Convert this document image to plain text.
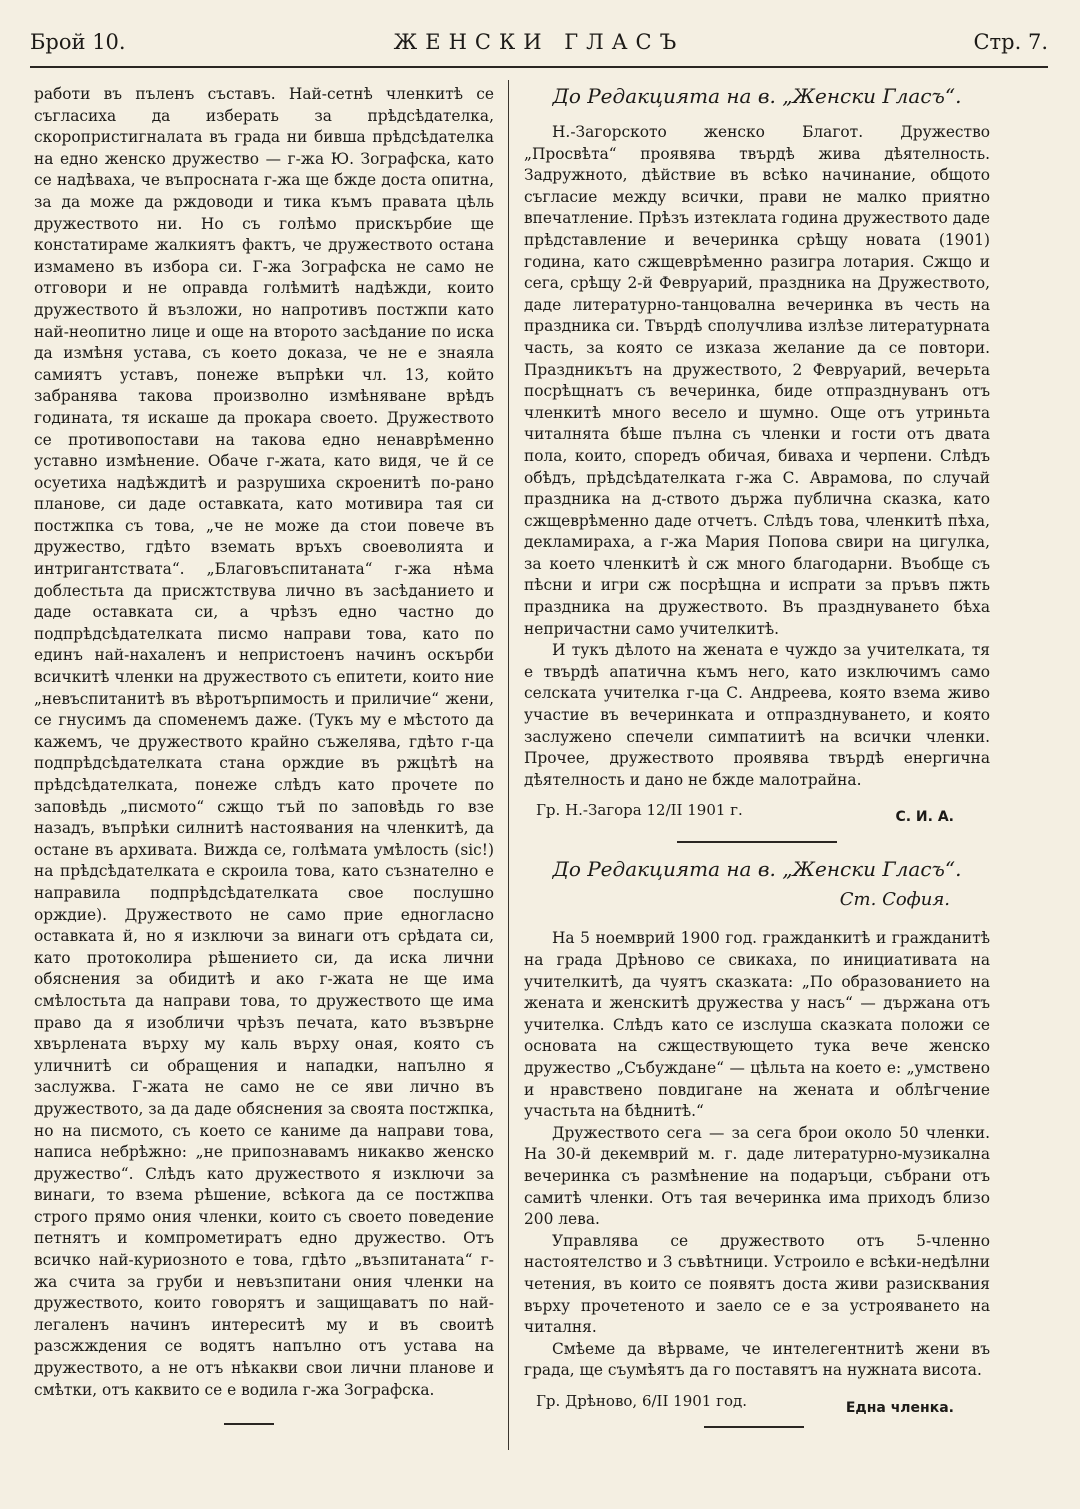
Брой 10.	ЖЕНСКИ ГЛАСЪ	Стр. 7.

работи въ пъленъ съставъ. Най-сетнѣ членкитѣ се съгласиха да изберать за прѣдсѣдателка, скоропристигналата въ града ни бивша прѣдсѣдателка на едно женско дружество — г-жа Ю. Зографска, като се надѣваха, че въпросната г-жа ще бжде доста опитна, за да може да рждоводи и тика къмъ правата цѣль дружеството ни. Но съ голѣмо прискърбие ще констатираме жалкиятъ фактъ, че дружеството остана измамено въ избора си. Г-жа Зографска не само не отговори и не оправда голѣмитѣ надѣжди, които дружеството й възложи, но напротивъ постжпи като най-неопитно лице и още на второто засѣдание по иска да измѣня устава, съ което доказа, че не е знаяла самиятъ уставъ, понеже въпрѣки чл. 13, който забранява такова произволно измѣняване врѣдъ годината, тя искаше да прокара своето. Дружеството се противопостави на такова едно ненаврѣменно уставно измѣнение. Обаче г-жата, като видя, че й се осуетиха надѣждитѣ и разрушиха скроенитѣ по-рано плановe, си даде оставката, като мотивира тая си постжпка съ това, „че не може да стои повече въ дружество, гдѣто вземать връхъ своеволията и интригантствата“. „Благовъспитаната“ г-жа нѣма доблестьта да присжтствува лично въ засѣданието и даде оставката си, а чрѣзъ едно частно до подпрѣдсѣдателката писмо направи това, като по единъ най-нахаленъ и непристоенъ начинъ оскърби всичкитѣ членки на дружеството съ епитети, които ние „невъспитанитѣ въ вѣротърпимость и приличие“ жени, се гнусимъ да споменемъ даже. (Тукъ му е мѣстото да кажемъ, че дружеството крайно съжелява, гдѣто г-ца подпрѣдсѣдателката стана орждие въ ржцѣтѣ на прѣдсѣдателката, понеже слѣдъ като прочете по заповѣдь „писмото“ сжщо тъй по заповѣдь го взе назадъ, въпрѣки силнитѣ настоявания на членкитѣ, да остане въ архивата. Вижда се, голѣмата умѣлость (sic!) на прѣдсѣдателката е скроила това, като съзнателно е направила подпрѣдсѣдателката свое послушно орждие). Дружеството не само прие едногласно оставката й, но я изключи за винаги отъ срѣдата си, като протоколира рѣшението си, да иска лични обяснения за обидитѣ и ако г-жата не ще има смѣлостьта да направи това, то дружеството ще има право да я изобличи чрѣзъ печата, като възвърне хвърлената върху му каль върху оная, която съ уличнитѣ си обращения и нападки, напълно я заслужва. Г-жата не само не се яви лично въ дружеството, за да даде обяснения за своята постжпка, но на писмото, съ което се каниме да направи това, написа небрѣжно: „не припознавамъ никакво женско дружество“. Слѣдъ като дружеството я изключи за винаги, то взема рѣшение, всѣкога да се постжпва строго прямо ония членки, които съ своето поведение петнятъ и компрометиратъ едно дружество. Отъ всичко най-куриозното е това, гдѣто „възпитаната“ г-жа счита за груби и невъзпитани ония членки на дружеството, които говорятъ и защищаватъ по най-легаленъ начинъ интереситѣ му и въ своитѣ разсжждения се водятъ напълно отъ устава на дружеството, а не отъ нѣкакви свои лични планове и смѣтки, отъ каквито се е водила г-жа Зографска.

До Редакцията на в. „Женски Гласъ“.

Н.-Загорското женско Благот. Дружество „Просвѣта“ проявява твърдѣ жива дѣятелность. Задружното, дѣйствие въ всѣко начинание, общото съгласие между всички, прави не малко приятно впечатление. Прѣзъ изтеклата година дружеството даде прѣдставление и вечеринка срѣщу новата (1901) година, като сжщеврѣменно разигра лотария. Сжщо и сега, срѣщу 2-й Февруарий, праздника на Дружеството, даде литературно-танцовална вечеринка въ честь на праздника си. Твърдѣ сполучлива излѣзе литературната часть, за която се изказа желание да се повтори. Праздникътъ на дружеството, 2 Февруарий, вечерьта посрѣщнатъ съ вечеринка, биде отпразднуванъ отъ членкитѣ много весело и шумно. Още отъ утриньта читалнята бѣше пълна съ членки и гости отъ двата пола, които, споредъ обичая, биваха и черпени. Слѣдъ обѣдъ, прѣдсѣдателката г-жа С. Аврамова, по случай праздника на д-ството държа публична сказка, като сжщеврѣменно даде отчетъ. Слѣдъ това, членкитѣ пѣха, декламираха, а г-жа Мария Попова свири на цигулка, за което членкитѣ ѝ сж много благодарни. Въобще съ пѣсни и игри сж посрѣщна и испрати за пръвъ пжть праздника на дружеството. Въ празднуването бѣха непричастни само учителкитѣ.

И тукъ дѣлото на жената е чуждо за учителката, тя е твърдѣ апатична къмъ него, като изключимъ само селската учителка г-ца С. Андреева, която взема живо участие въ вечеринката и отпразднуването, и която заслужено спечели симпатиитѣ на всички членки. Прочее, дружеството проявява твърдѣ енергична дѣятелность и дано не бжде малотрайна.

Гр. Н.-Загора 12/II 1901 г.	С. И. А.

До Редакцията на в. „Женски Гласъ“.

Ст. София.

На 5 ноемврий 1900 год. гражданкитѣ и гражданитѣ на града Дрѣново се свикаха, по инициативата на учителкитѣ, да чуятъ сказката: „По образованието на жената и женскитѣ дружества у насъ“ — държана отъ учителка. Слѣдъ като се изслуша сказката положи се основата на сжществующето тука вече женско дружество „Събуждане“ — цѣльта на което е: „умствено и нравствено повдигане на жената и облѣгчение участьта на бѣднитѣ.“

Дружеството сега — за сега брои около 50 членки. На 30-й декемврий м. г. даде литературно-музикална вечеринка съ размѣнение на подаръци, събрани отъ самитѣ членки. Отъ тая вечеринка има приходъ близо 200 лева.

Управлява се дружеството отъ 5-членно настоятелство и 3 съвѣтници. Устроило е всѣки-недѣлни четения, въ които се появятъ доста живи разисквания върху прочетеното и заело се е за устрояването на читалня.

Смѣеме да вѣрваме, че интелегентнитѣ жени въ града, ще съумѣятъ да го поставятъ на нужната висота.

Гр. Дрѣново, 6/II 1901 год.	Една членка.
